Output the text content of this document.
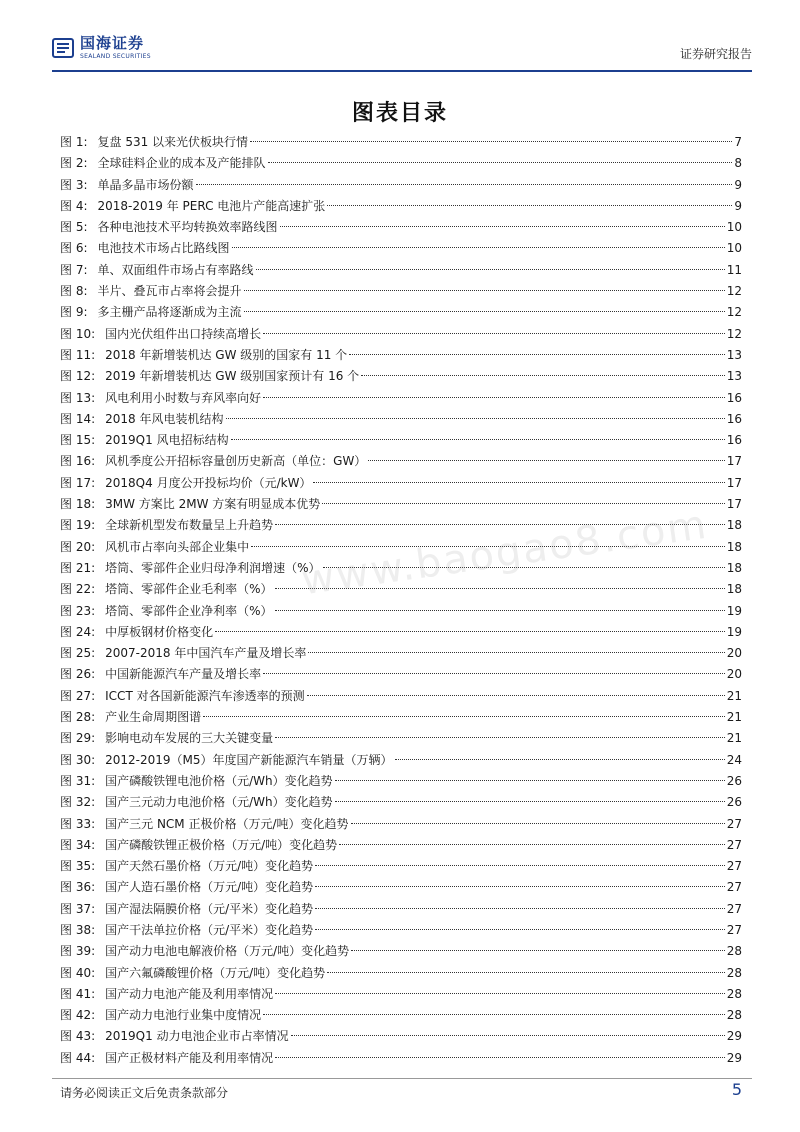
国海证券
SEALAND SECURITIES	证券研究报告
图表目录
图 1: 复盘 531 以来光伏板块行情	7
图 2: 全球硅料企业的成本及产能排队	8
图 3: 单晶多晶市场份额	9
图 4: 2018-2019 年 PERC 电池片产能高速扩张	9
图 5: 各种电池技术平均转换效率路线图	10
图 6: 电池技术市场占比路线图	10
图 7: 单、双面组件市场占有率路线	11
图 8: 半片、叠瓦市占率将会提升	12
图 9: 多主栅产品将逐渐成为主流	12
图 10: 国内光伏组件出口持续高增长	12
图 11: 2018 年新增装机达 GW 级别的国家有 11 个	13
图 12: 2019 年新增装机达 GW 级别国家预计有 16 个	13
图 13: 风电利用小时数与弃风率向好	16
图 14: 2018 年风电装机结构	16
图 15: 2019Q1 风电招标结构	16
图 16: 风机季度公开招标容量创历史新高（单位：GW）	17
图 17: 2018Q4 月度公开投标均价（元/kW）	17
图 18: 3MW 方案比 2MW 方案有明显成本优势	17
图 19: 全球新机型发布数量呈上升趋势	18
图 20: 风机市占率向头部企业集中	18
图 21: 塔筒、零部件企业归母净利润增速（%）	18
图 22: 塔筒、零部件企业毛利率（%）	18
图 23: 塔筒、零部件企业净利率（%）	19
图 24: 中厚板钢材价格变化	19
图 25: 2007-2018 年中国汽车产量及增长率	20
图 26: 中国新能源汽车产量及增长率	20
图 27: ICCT 对各国新能源汽车渗透率的预测	21
图 28: 产业生命周期图谱	21
图 29: 影响电动车发展的三大关键变量	21
图 30: 2012-2019（M5）年度国产新能源汽车销量（万辆）	24
图 31: 国产磷酸铁锂电池价格（元/Wh）变化趋势	26
图 32: 国产三元动力电池价格（元/Wh）变化趋势	26
图 33: 国产三元 NCM 正极价格（万元/吨）变化趋势	27
图 34: 国产磷酸铁锂正极价格（万元/吨）变化趋势	27
图 35: 国产天然石墨价格（万元/吨）变化趋势	27
图 36: 国产人造石墨价格（万元/吨）变化趋势	27
图 37: 国产湿法隔膜价格（元/平米）变化趋势	27
图 38: 国产干法单拉价格（元/平米）变化趋势	27
图 39: 国产动力电池电解液价格（万元/吨）变化趋势	28
图 40: 国产六氟磷酸锂价格（万元/吨）变化趋势	28
图 41: 国产动力电池产能及利用率情况	28
图 42: 国产动力电池行业集中度情况	28
图 43: 2019Q1 动力电池企业市占率情况	29
图 44: 国产正极材料产能及利用率情况	29
www.baogao8.com
请务必阅读正文后免责条款部分	5
